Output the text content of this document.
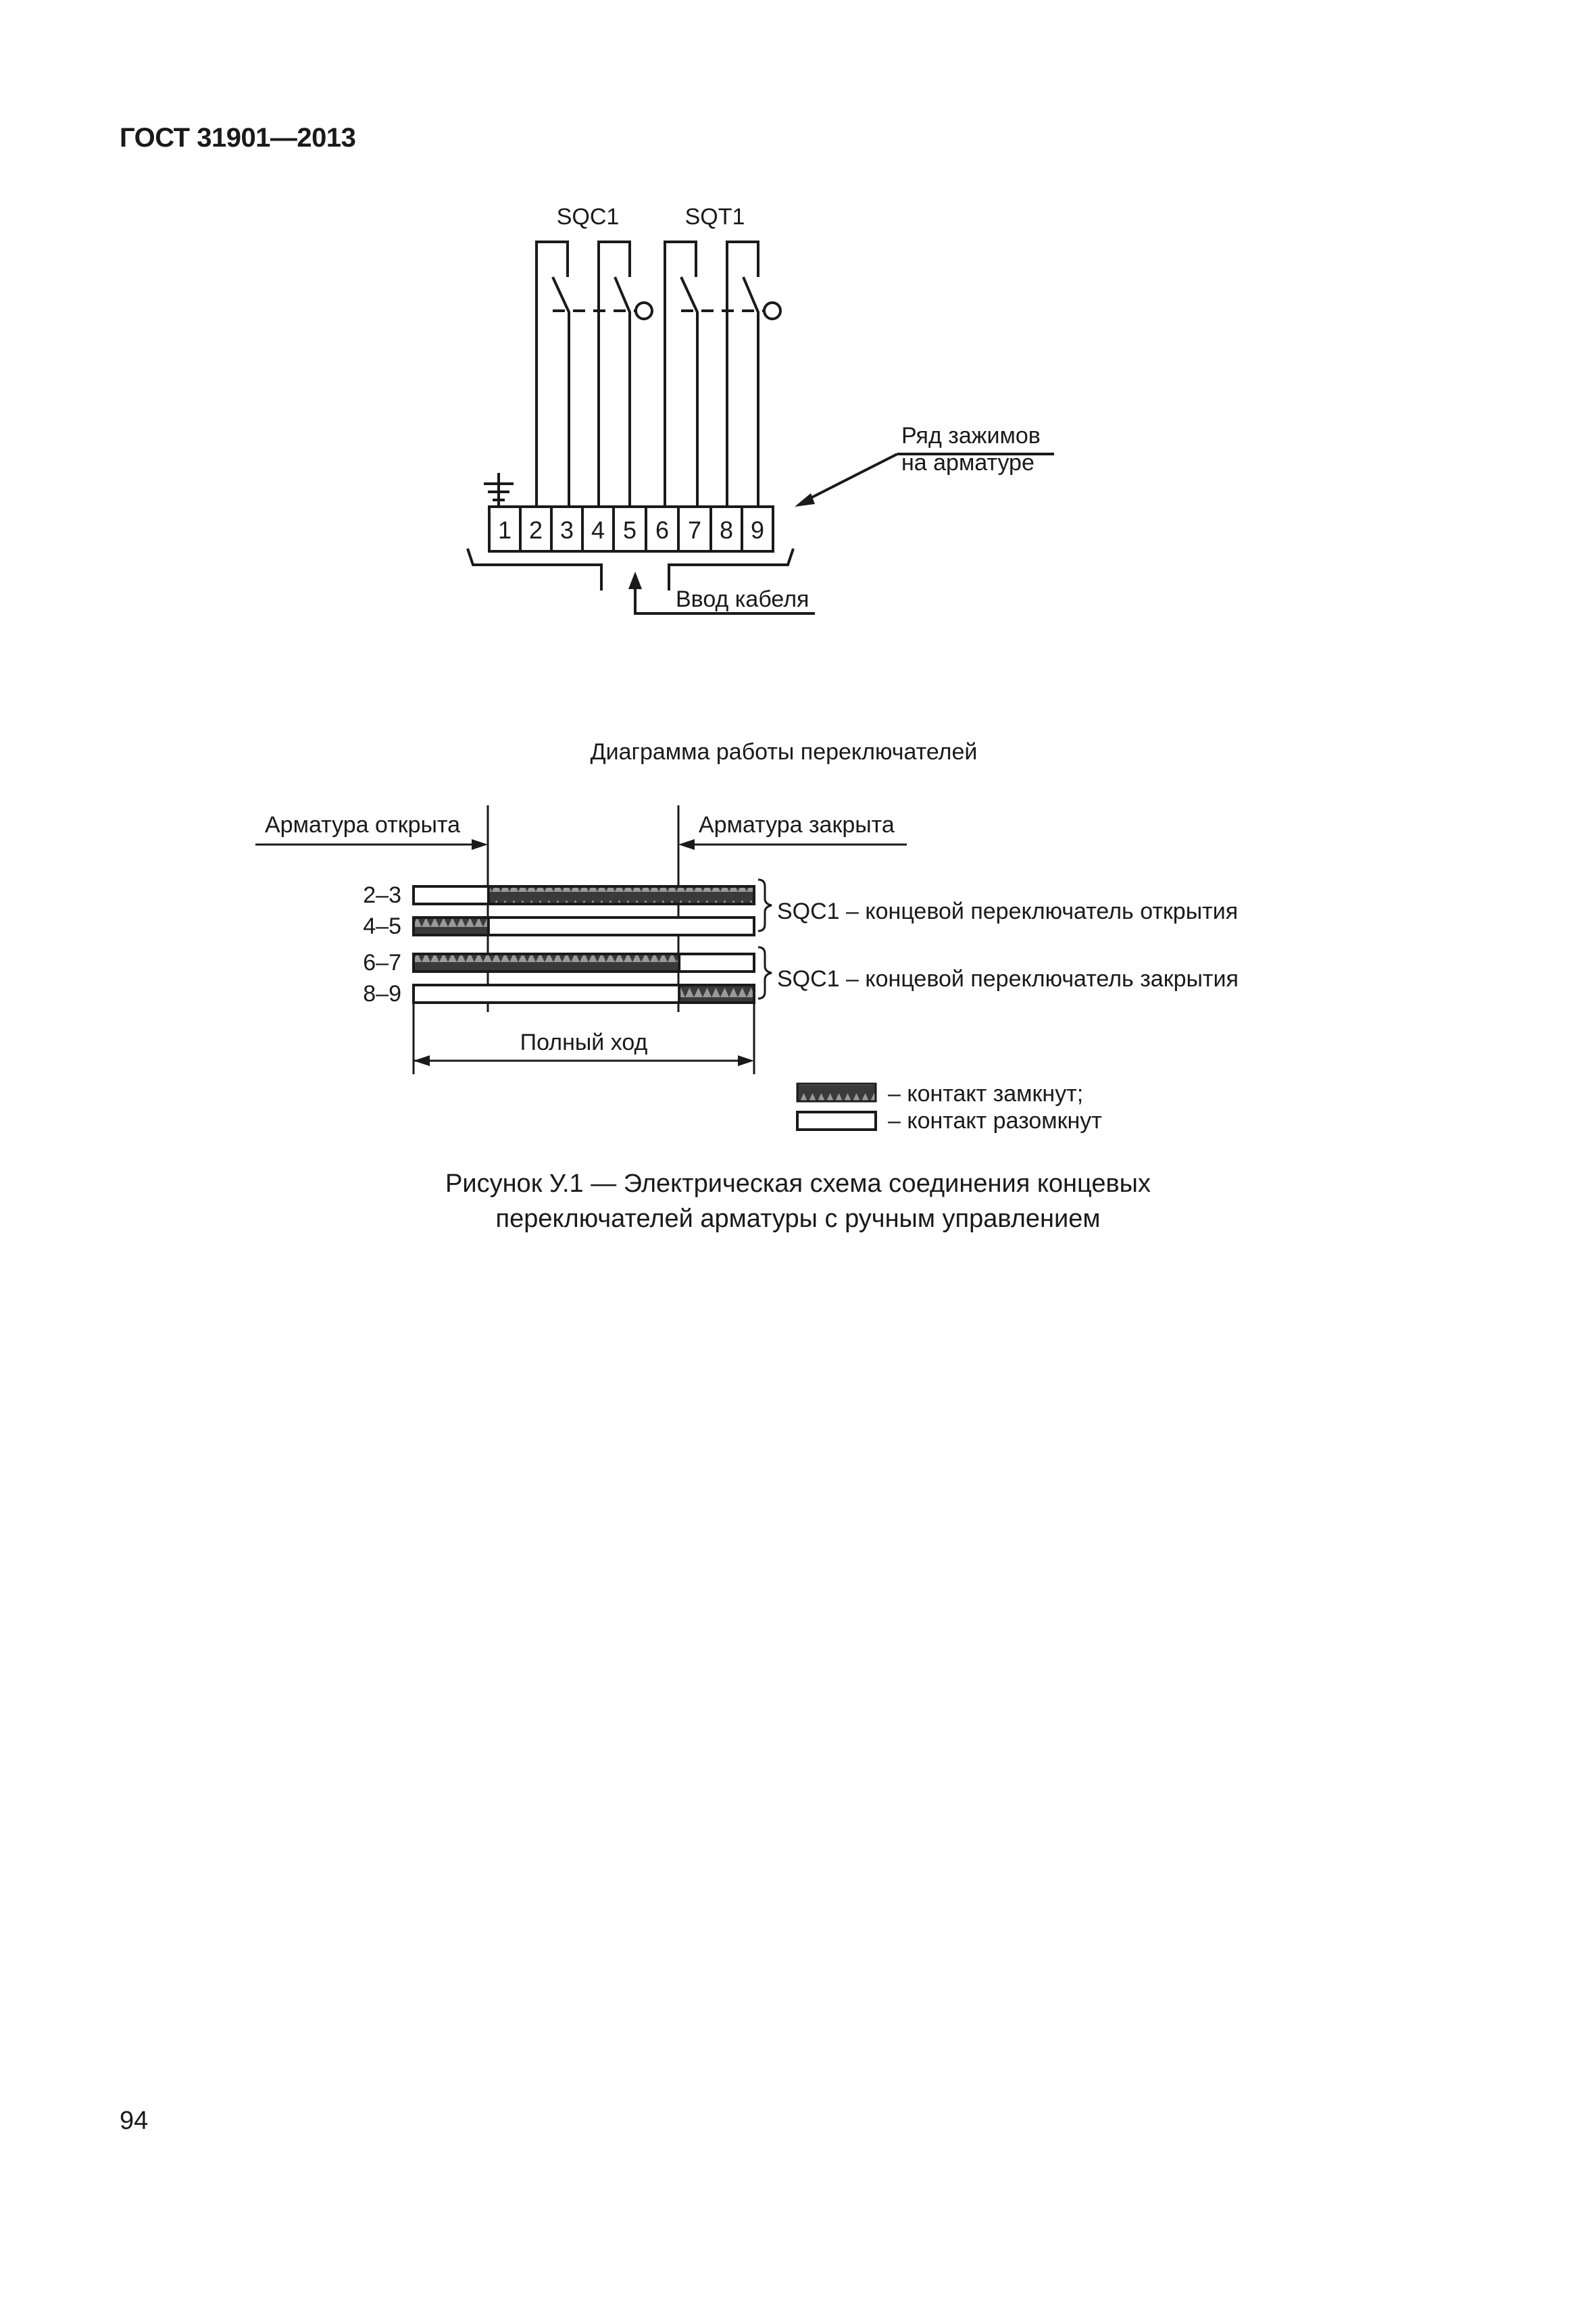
ГОСТ 31901—2013
SQC1	SQT1
Ряд зажимов
на арматуре
Ввод кабеля
1 2 3 4 5 6 7 8 9
Диаграмма работы переключателей
Арматура открыта	Арматура закрыта
SQC1 – концевой переключатель открытия
SQC1 – концевой переключатель закрытия
Полный ход
2–3
4–5
6–7
8–9
– контакт замкнут;
– контакт разомкнут
Рисунок У.1 — Электрическая схема соединения концевых
переключателей арматуры с ручным управлением
94
